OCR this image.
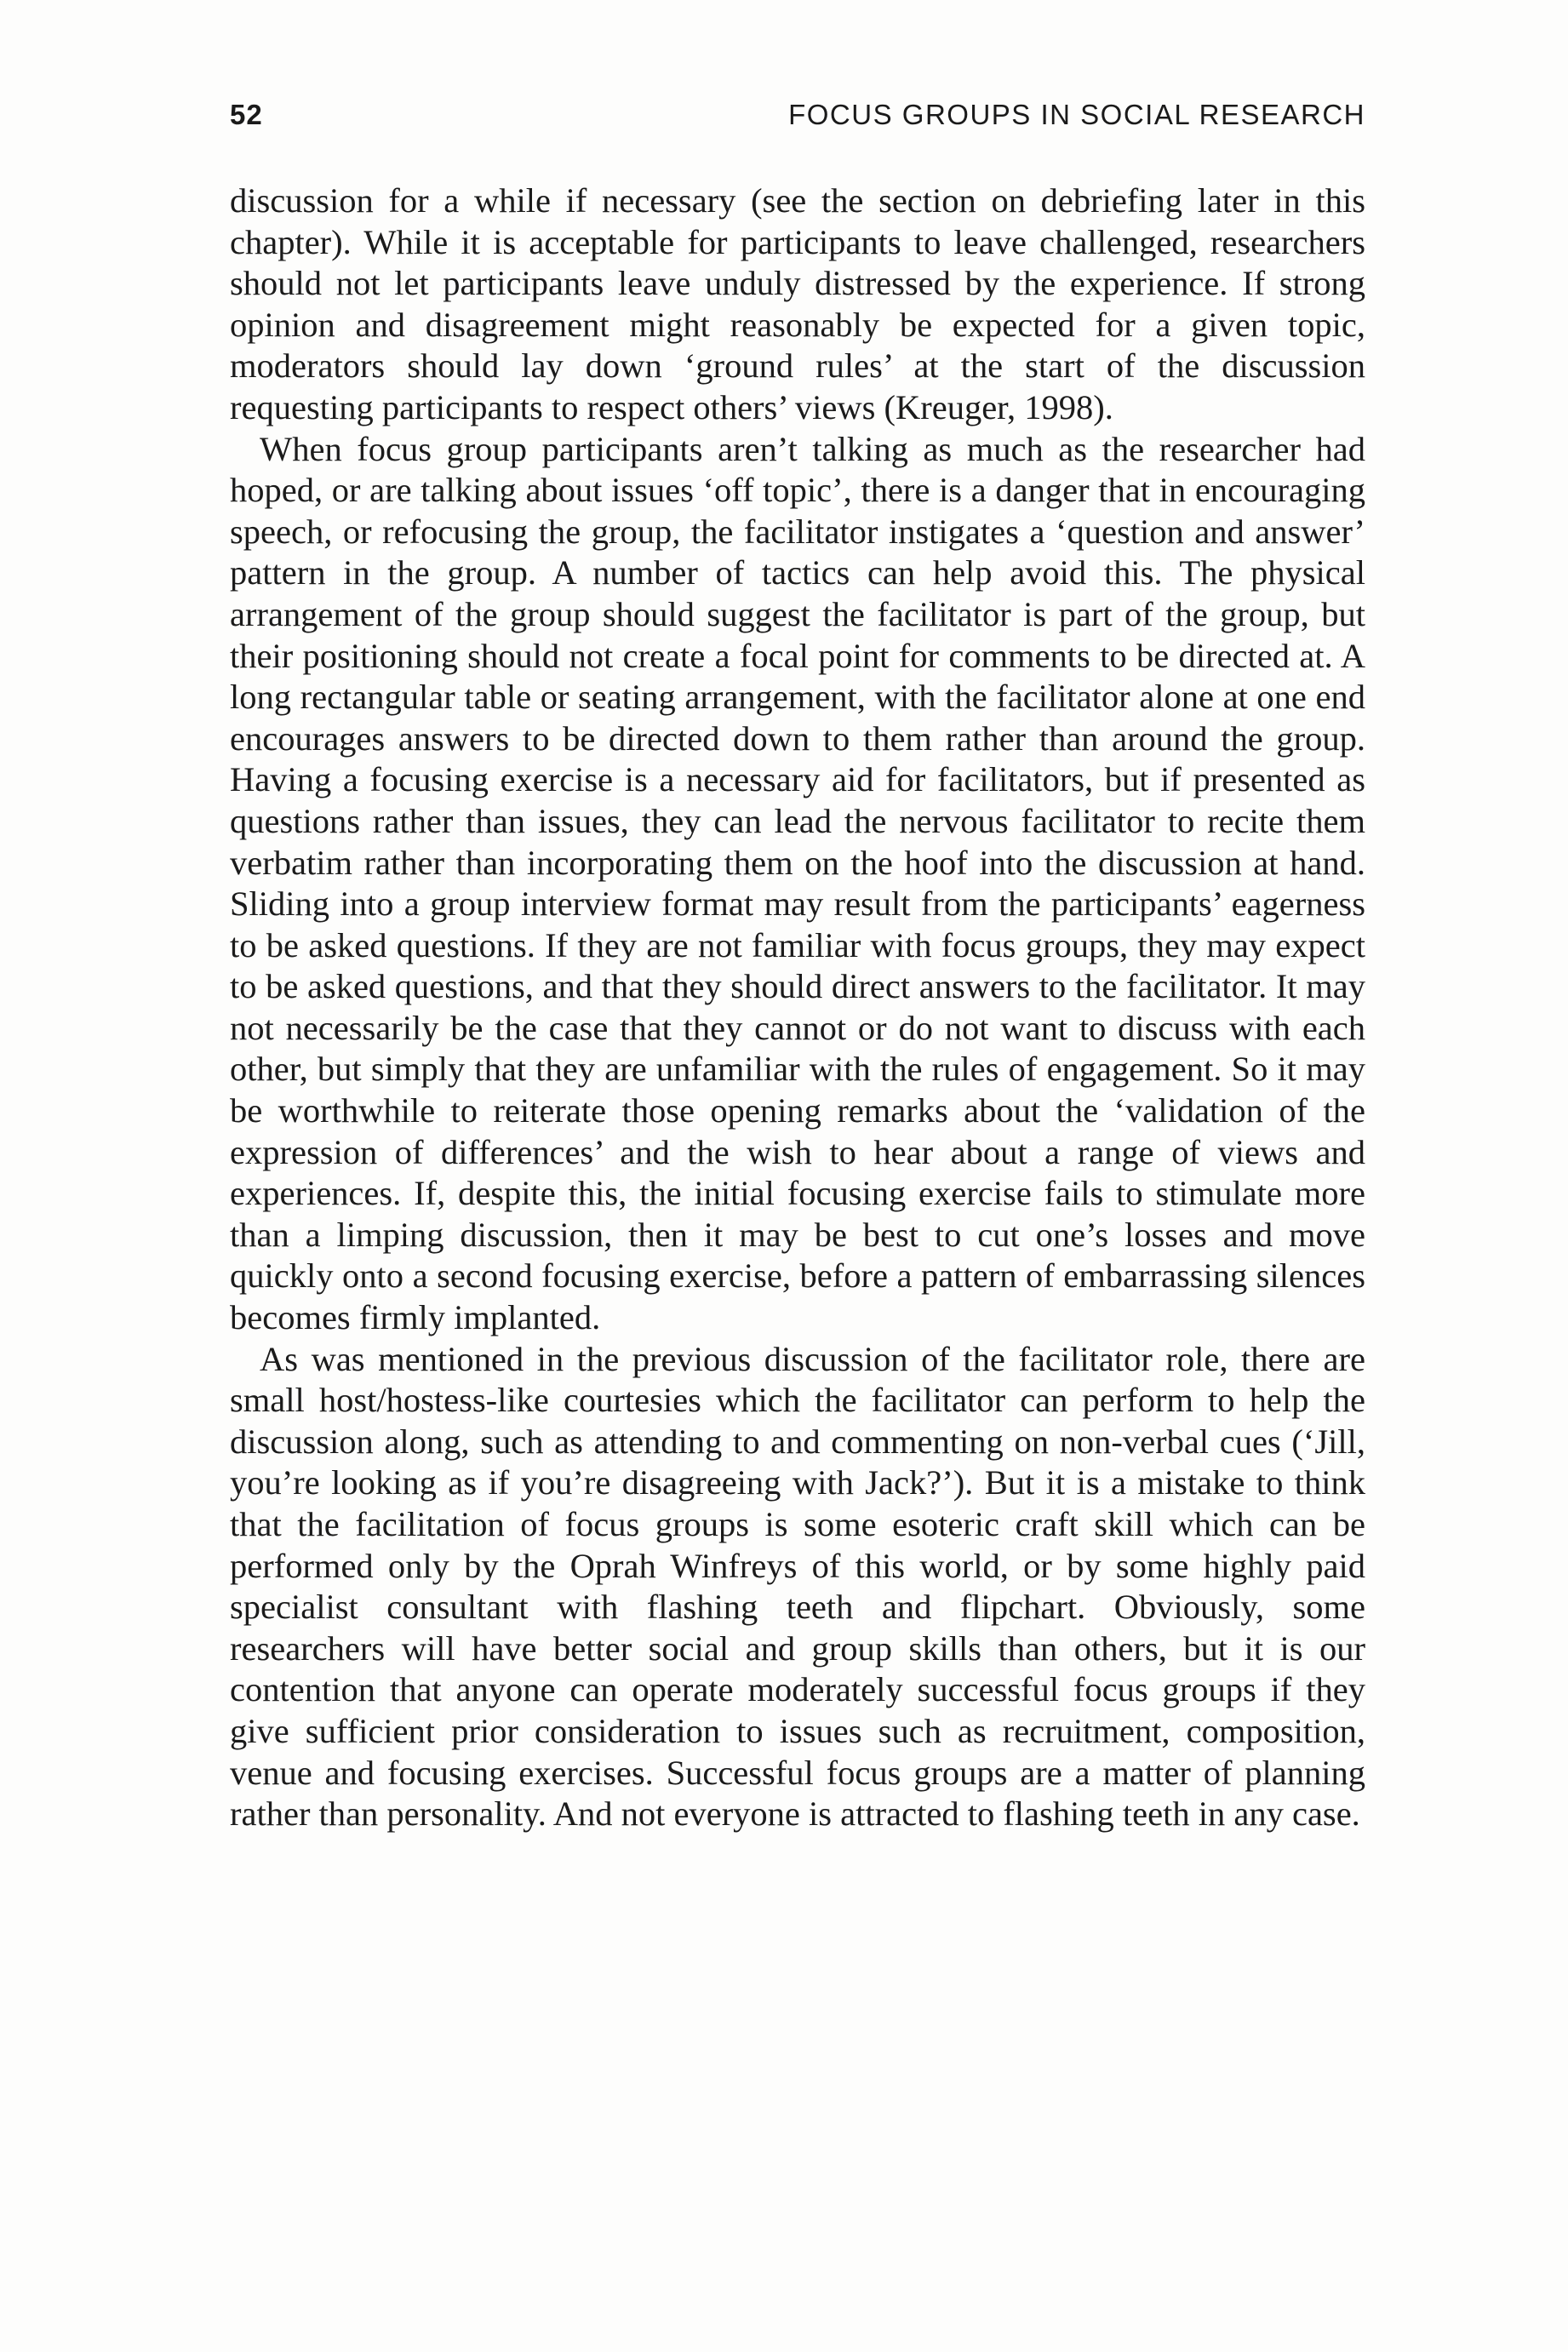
52	FOCUS GROUPS IN SOCIAL RESEARCH

discussion for a while if necessary (see the section on debriefing later in this chapter). While it is acceptable for participants to leave challenged, researchers should not let participants leave unduly distressed by the experience. If strong opinion and disagreement might reasonably be expected for a given topic, moderators should lay down ‘ground rules’ at the start of the discussion requesting participants to respect others’ views (Kreuger, 1998).

When focus group participants aren’t talking as much as the researcher had hoped, or are talking about issues ‘off topic’, there is a danger that in encouraging speech, or refocusing the group, the facilitator instigates a ‘question and answer’ pattern in the group. A number of tactics can help avoid this. The physical arrangement of the group should suggest the facilitator is part of the group, but their positioning should not create a focal point for comments to be directed at. A long rectangular table or seating arrangement, with the facilitator alone at one end encourages answers to be directed down to them rather than around the group. Having a focusing exercise is a necessary aid for facilitators, but if presented as questions rather than issues, they can lead the nervous facilitator to recite them verbatim rather than incorporating them on the hoof into the discussion at hand. Sliding into a group interview format may result from the participants’ eagerness to be asked questions. If they are not familiar with focus groups, they may expect to be asked questions, and that they should direct answers to the facilitator. It may not necessarily be the case that they cannot or do not want to discuss with each other, but simply that they are unfamiliar with the rules of engagement. So it may be worthwhile to reiterate those opening remarks about the ‘validation of the expression of differences’ and the wish to hear about a range of views and experiences. If, despite this, the initial focusing exercise fails to stimulate more than a limping discussion, then it may be best to cut one’s losses and move quickly onto a second focusing exercise, before a pattern of embarrassing silences becomes firmly implanted.

As was mentioned in the previous discussion of the facilitator role, there are small host/hostess-like courtesies which the facilitator can perform to help the discussion along, such as attending to and commenting on non-verbal cues (‘Jill, you’re looking as if you’re disagreeing with Jack?’). But it is a mistake to think that the facilitation of focus groups is some esoteric craft skill which can be performed only by the Oprah Winfreys of this world, or by some highly paid specialist consultant with flashing teeth and flipchart. Obviously, some researchers will have better social and group skills than others, but it is our contention that anyone can operate moderately successful focus groups if they give sufficient prior consideration to issues such as recruitment, composition, venue and focusing exercises. Successful focus groups are a matter of planning rather than personality. And not everyone is attracted to flashing teeth in any case.
